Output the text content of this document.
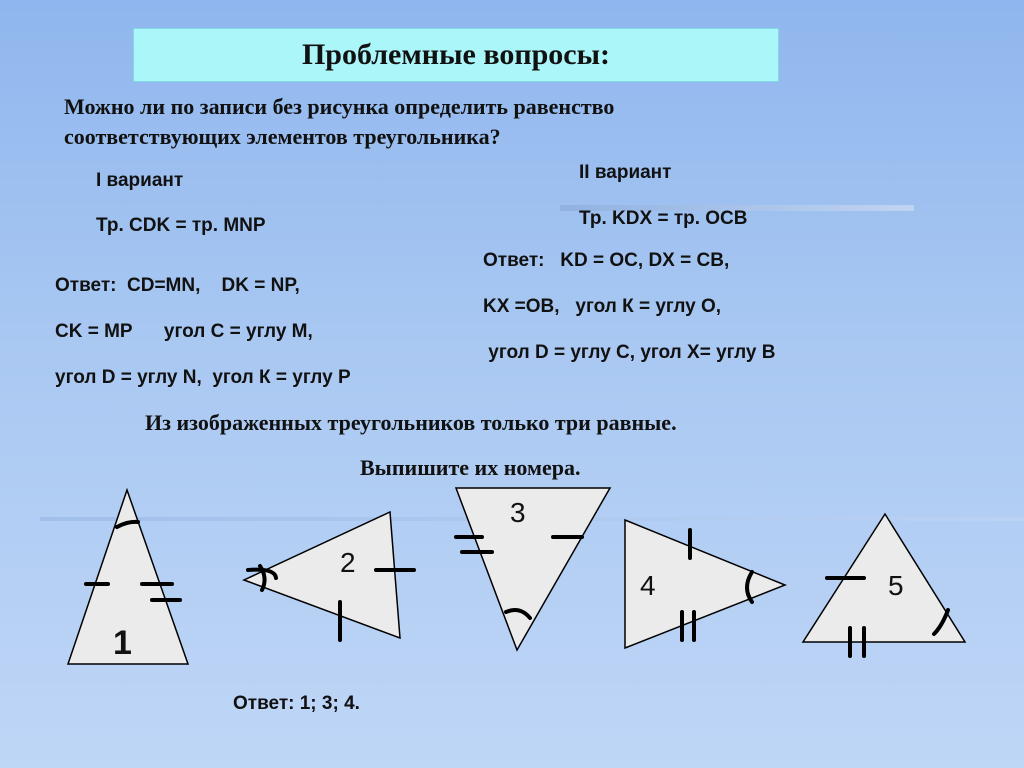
Проблемные вопросы:
Можно ли по записи без рисунка определить равенство
соответствующих элементов треугольника?
I вариант
Тр. CDK = тр. MNP
Ответ:  CD=MN,    DK = NP,
CK = MP      угол С = углу М,
угол D = углу N,  угол К = углу Р
II вариант
Тр. KDX = тр. OCB
Ответ:   KD = OC, DX = CB,
KX =OB,   угол К = углу О,
угол D = углу С, угол Х= углу В
Из изображенных треугольников только три равные.
Выпишите их номера.
1
2
3
4	5
Ответ: 1; 3; 4.
